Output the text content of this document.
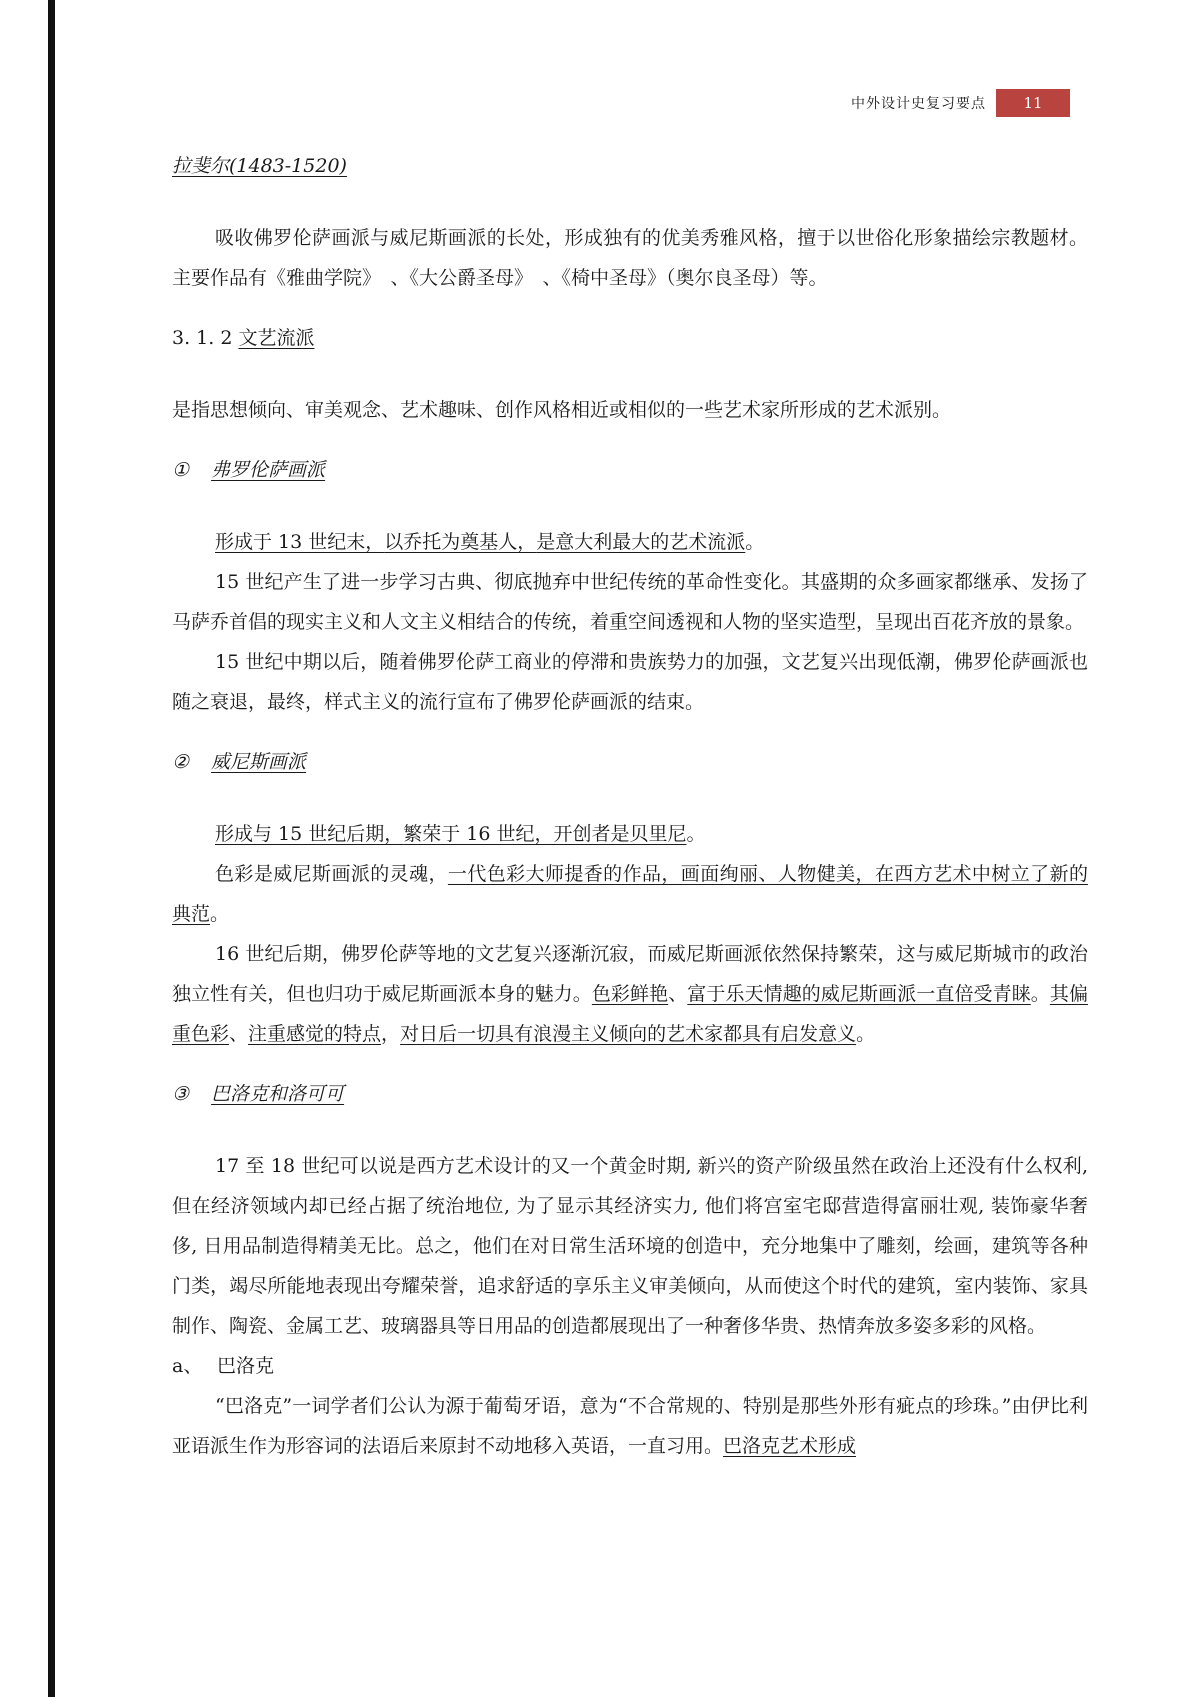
中外设计史复习要点	11

拉斐尔(1483-1520)

吸收佛罗伦萨画派与威尼斯画派的长处，形成独有的优美秀雅风格，擅于以世俗化形象描绘宗教题材。主要作品有《雅曲学院》　、《大公爵圣母》　、《椅中圣母》（奥尔良圣母）等。

3. 1. 2 文艺流派

是指思想倾向、审美观念、艺术趣味、创作风格相近或相似的一些艺术家所形成的艺术派别。

① 弗罗伦萨画派

形成于 13 世纪末，以乔托为奠基人，是意大利最大的艺术流派。

15 世纪产生了进一步学习古典、彻底抛弃中世纪传统的革命性变化。其盛期的众多画家都继承、发扬了马萨乔首倡的现实主义和人文主义相结合的传统，着重空间透视和人物的坚实造型，呈现出百花齐放的景象。

15 世纪中期以后，随着佛罗伦萨工商业的停滞和贵族势力的加强，文艺复兴出现低潮，佛罗伦萨画派也随之衰退，最终，样式主义的流行宣布了佛罗伦萨画派的结束。

② 威尼斯画派

形成与 15 世纪后期，繁荣于 16 世纪，开创者是贝里尼。

色彩是威尼斯画派的灵魂，一代色彩大师提香的作品，画面绚丽、人物健美，在西方艺术中树立了新的典范。

16 世纪后期，佛罗伦萨等地的文艺复兴逐渐沉寂，而威尼斯画派依然保持繁荣，这与威尼斯城市的政治独立性有关，但也归功于威尼斯画派本身的魅力。色彩鲜艳、富于乐天情趣的威尼斯画派一直倍受青睐。其偏重色彩、注重感觉的特点，对日后一切具有浪漫主义倾向的艺术家都具有启发意义。

③ 巴洛克和洛可可

17 至 18 世纪可以说是西方艺术设计的又一个黄金时期, 新兴的资产阶级虽然在政治上还没有什么权利, 但在经济领域内却已经占据了统治地位, 为了显示其经济实力, 他们将宫室宅邸营造得富丽壮观, 装饰豪华奢侈, 日用品制造得精美无比。总之，他们在对日常生活环境的创造中，充分地集中了雕刻，绘画，建筑等各种门类，竭尽所能地表现出夸耀荣誉，追求舒适的享乐主义审美倾向，从而使这个时代的建筑，室内装饰、家具制作、陶瓷、金属工艺、玻璃器具等日用品的创造都展现出了一种奢侈华贵、热情奔放多姿多彩的风格。

a、 巴洛克

“巴洛克”一词学者们公认为源于葡萄牙语，意为“不合常规的、特别是那些外形有疵点的珍珠。”由伊比利亚语派生作为形容词的法语后来原封不动地移入英语，一直习用。巴洛克艺术形成
